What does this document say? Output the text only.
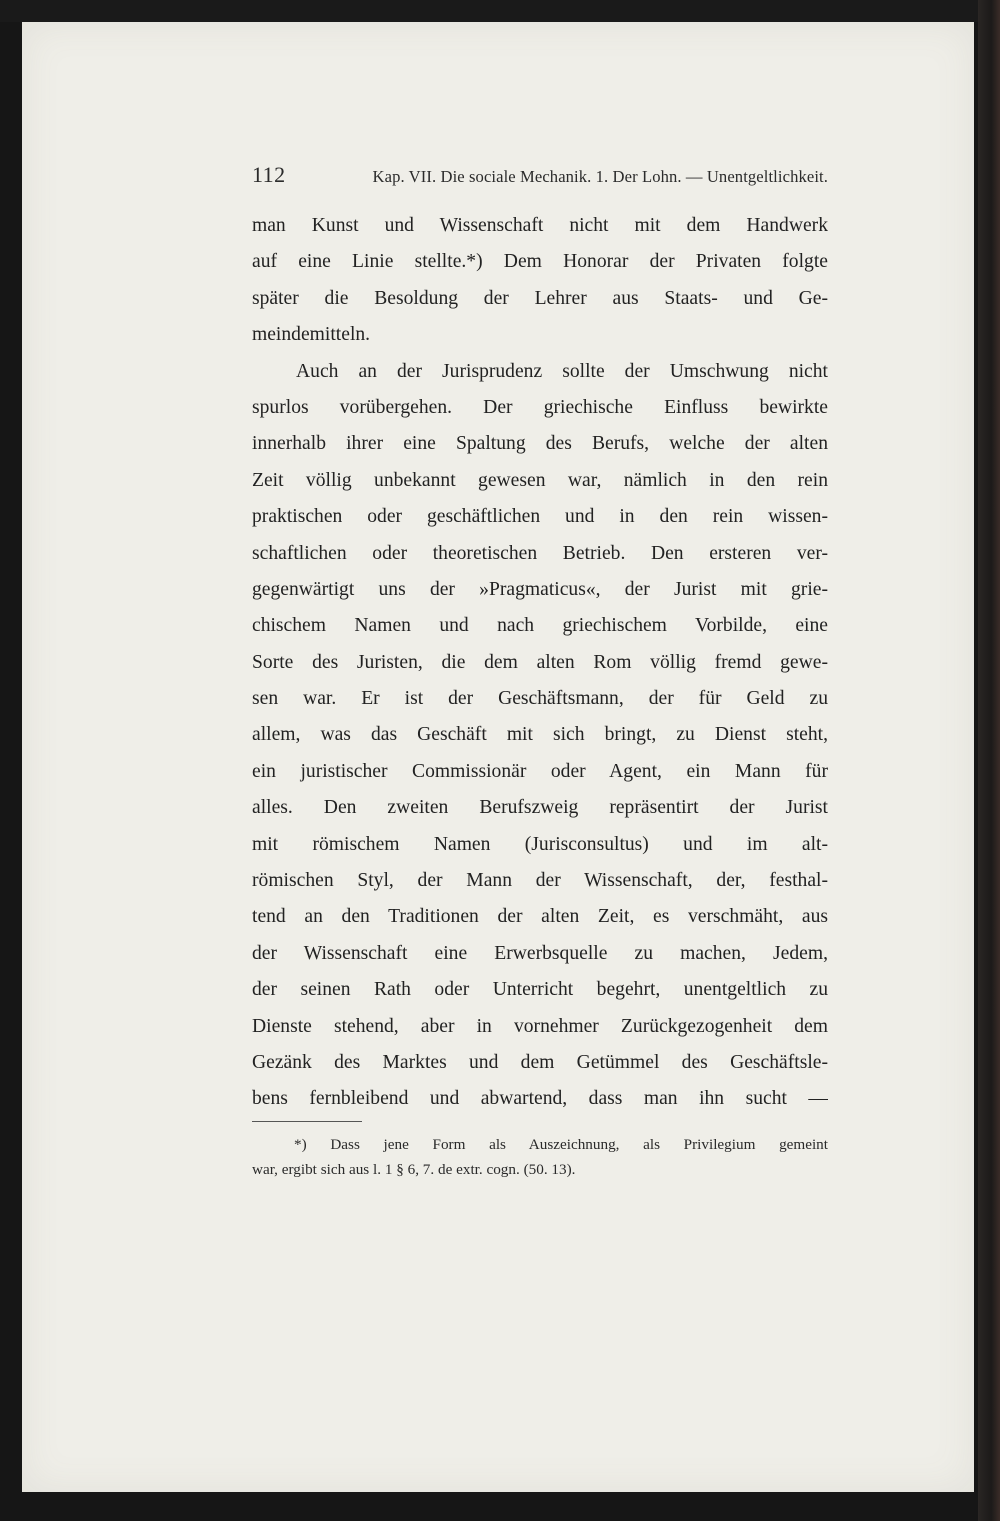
112	Kap. VII. Die sociale Mechanik. 1. Der Lohn. — Unentgeltlichkeit.
man Kunst und Wissenschaft nicht mit dem Handwerk
auf eine Linie stellte.*) Dem Honorar der Privaten folgte
später die Besoldung der Lehrer aus Staats- und Ge-
meindemitteln.
Auch an der Jurisprudenz sollte der Umschwung nicht
spurlos vorübergehen. Der griechische Einfluss bewirkte
innerhalb ihrer eine Spaltung des Berufs, welche der alten
Zeit völlig unbekannt gewesen war, nämlich in den rein
praktischen oder geschäftlichen und in den rein wissen-
schaftlichen oder theoretischen Betrieb. Den ersteren ver-
gegenwärtigt uns der »Pragmaticus«, der Jurist mit grie-
chischem Namen und nach griechischem Vorbilde, eine
Sorte des Juristen, die dem alten Rom völlig fremd gewe-
sen war. Er ist der Geschäftsmann, der für Geld zu
allem, was das Geschäft mit sich bringt, zu Dienst steht,
ein juristischer Commissionär oder Agent, ein Mann für
alles. Den zweiten Berufszweig repräsentirt der Jurist
mit römischem Namen (Jurisconsultus) und im alt-
römischen Styl, der Mann der Wissenschaft, der, festhal-
tend an den Traditionen der alten Zeit, es verschmäht, aus
der Wissenschaft eine Erwerbsquelle zu machen, Jedem,
der seinen Rath oder Unterricht begehrt, unentgeltlich zu
Dienste stehend, aber in vornehmer Zurückgezogenheit dem
Gezänk des Marktes und dem Getümmel des Geschäftsle-
bens fernbleibend und abwartend, dass man ihn sucht —
*) Dass jene Form als Auszeichnung, als Privilegium gemeint
war, ergibt sich aus l. 1 § 6, 7. de extr. cogn. (50. 13).
